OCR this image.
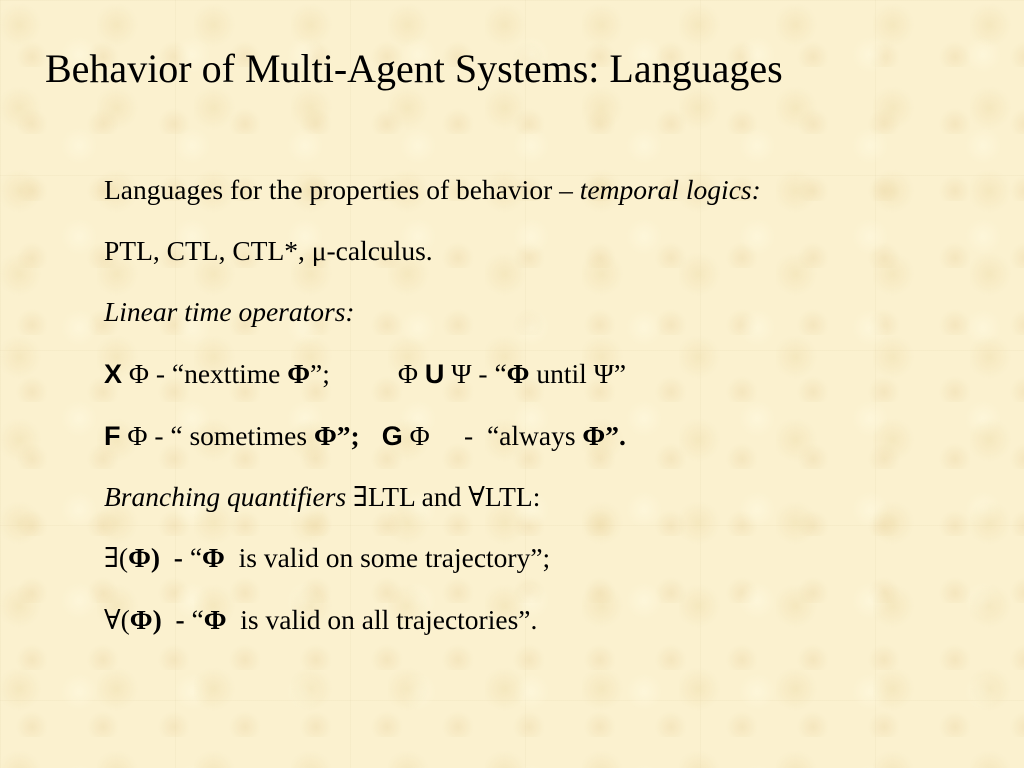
Behavior of Multi-Agent Systems: Languages
Languages for the properties of behavior – temporal logics:
PTL, CTL, CTL*, μ-calculus.
Linear time operators:
X Φ - “nexttime Φ”; Φ U Ψ - “Φ until Ψ”
F Φ - “ sometimes Φ”; G Φ     -  “always Φ”.
Branching quantifiers ∃LTL and ∀LTL:
∃(Φ)  - “Φ  is valid on some trajectory”;
∀(Φ)  - “Φ  is valid on all trajectories”.
